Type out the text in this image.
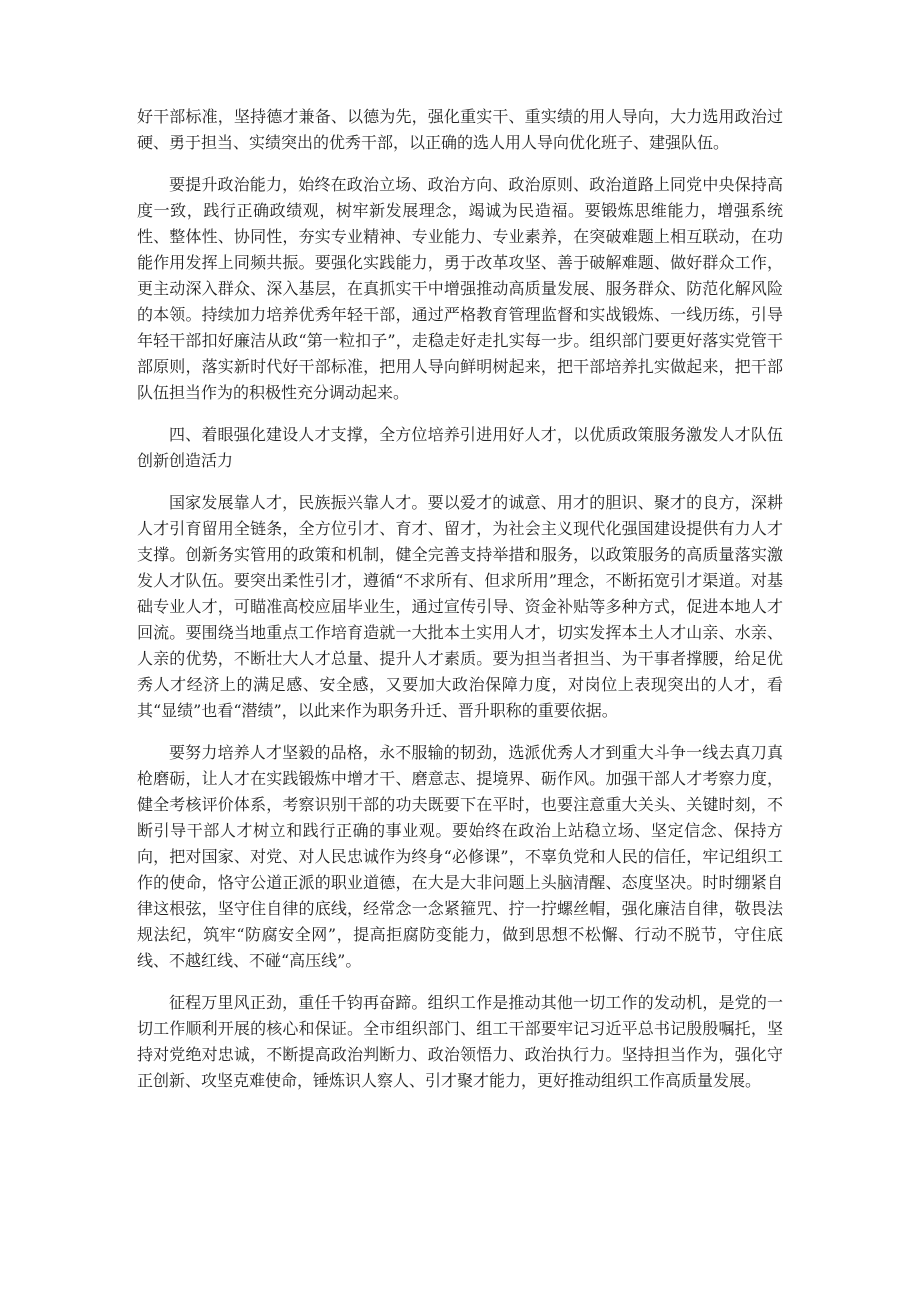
好干部标准，坚持德才兼备、以德为先，强化重实干、重实绩的用人导向，大力选用政治过硬、勇于担当、实绩突出的优秀干部，以正确的选人用人导向优化班子、建强队伍。

要提升政治能力，始终在政治立场、政治方向、政治原则、政治道路上同党中央保持高度一致，践行正确政绩观，树牢新发展理念，竭诚为民造福。要锻炼思维能力，增强系统性、整体性、协同性，夯实专业精神、专业能力、专业素养，在突破难题上相互联动，在功能作用发挥上同频共振。要强化实践能力，勇于改革攻坚、善于破解难题、做好群众工作，更主动深入群众、深入基层，在真抓实干中增强推动高质量发展、服务群众、防范化解风险的本领。持续加力培养优秀年轻干部，通过严格教育管理监督和实战锻炼、一线历练，引导年轻干部扣好廉洁从政“第一粒扣子”，走稳走好走扎实每一步。组织部门要更好落实党管干部原则，落实新时代好干部标准，把用人导向鲜明树起来，把干部培养扎实做起来，把干部队伍担当作为的积极性充分调动起来。

四、着眼强化建设人才支撑，全方位培养引进用好人才，以优质政策服务激发人才队伍创新创造活力

国家发展靠人才，民族振兴靠人才。要以爱才的诚意、用才的胆识、聚才的良方，深耕人才引育留用全链条，全方位引才、育才、留才，为社会主义现代化强国建设提供有力人才支撑。创新务实管用的政策和机制，健全完善支持举措和服务，以政策服务的高质量落实激发人才队伍。要突出柔性引才，遵循“不求所有、但求所用”理念，不断拓宽引才渠道。对基础专业人才，可瞄准高校应届毕业生，通过宣传引导、资金补贴等多种方式，促进本地人才回流。要围绕当地重点工作培育造就一大批本土实用人才，切实发挥本土人才山亲、水亲、人亲的优势，不断壮大人才总量、提升人才素质。要为担当者担当、为干事者撑腰，给足优秀人才经济上的满足感、安全感，又要加大政治保障力度，对岗位上表现突出的人才，看其“显绩”也看“潜绩”，以此来作为职务升迁、晋升职称的重要依据。

要努力培养人才坚毅的品格，永不服输的韧劲，选派优秀人才到重大斗争一线去真刀真枪磨砺，让人才在实践锻炼中增才干、磨意志、提境界、砺作风。加强干部人才考察力度，健全考核评价体系，考察识别干部的功夫既要下在平时，也要注意重大关头、关键时刻，不断引导干部人才树立和践行正确的事业观。要始终在政治上站稳立场、坚定信念、保持方向，把对国家、对党、对人民忠诚作为终身“必修课”，不辜负党和人民的信任，牢记组织工作的使命，恪守公道正派的职业道德，在大是大非问题上头脑清醒、态度坚决。时时绷紧自律这根弦，坚守住自律的底线，经常念一念紧箍咒、拧一拧螺丝帽，强化廉洁自律，敬畏法规法纪，筑牢“防腐安全网”，提高拒腐防变能力，做到思想不松懈、行动不脱节，守住底线、不越红线、不碰“高压线”。

征程万里风正劲，重任千钧再奋蹄。组织工作是推动其他一切工作的发动机，是党的一切工作顺利开展的核心和保证。全市组织部门、组工干部要牢记习近平总书记殷殷嘱托，坚持对党绝对忠诚，不断提高政治判断力、政治领悟力、政治执行力。坚持担当作为，强化守正创新、攻坚克难使命，锤炼识人察人、引才聚才能力，更好推动组织工作高质量发展。
